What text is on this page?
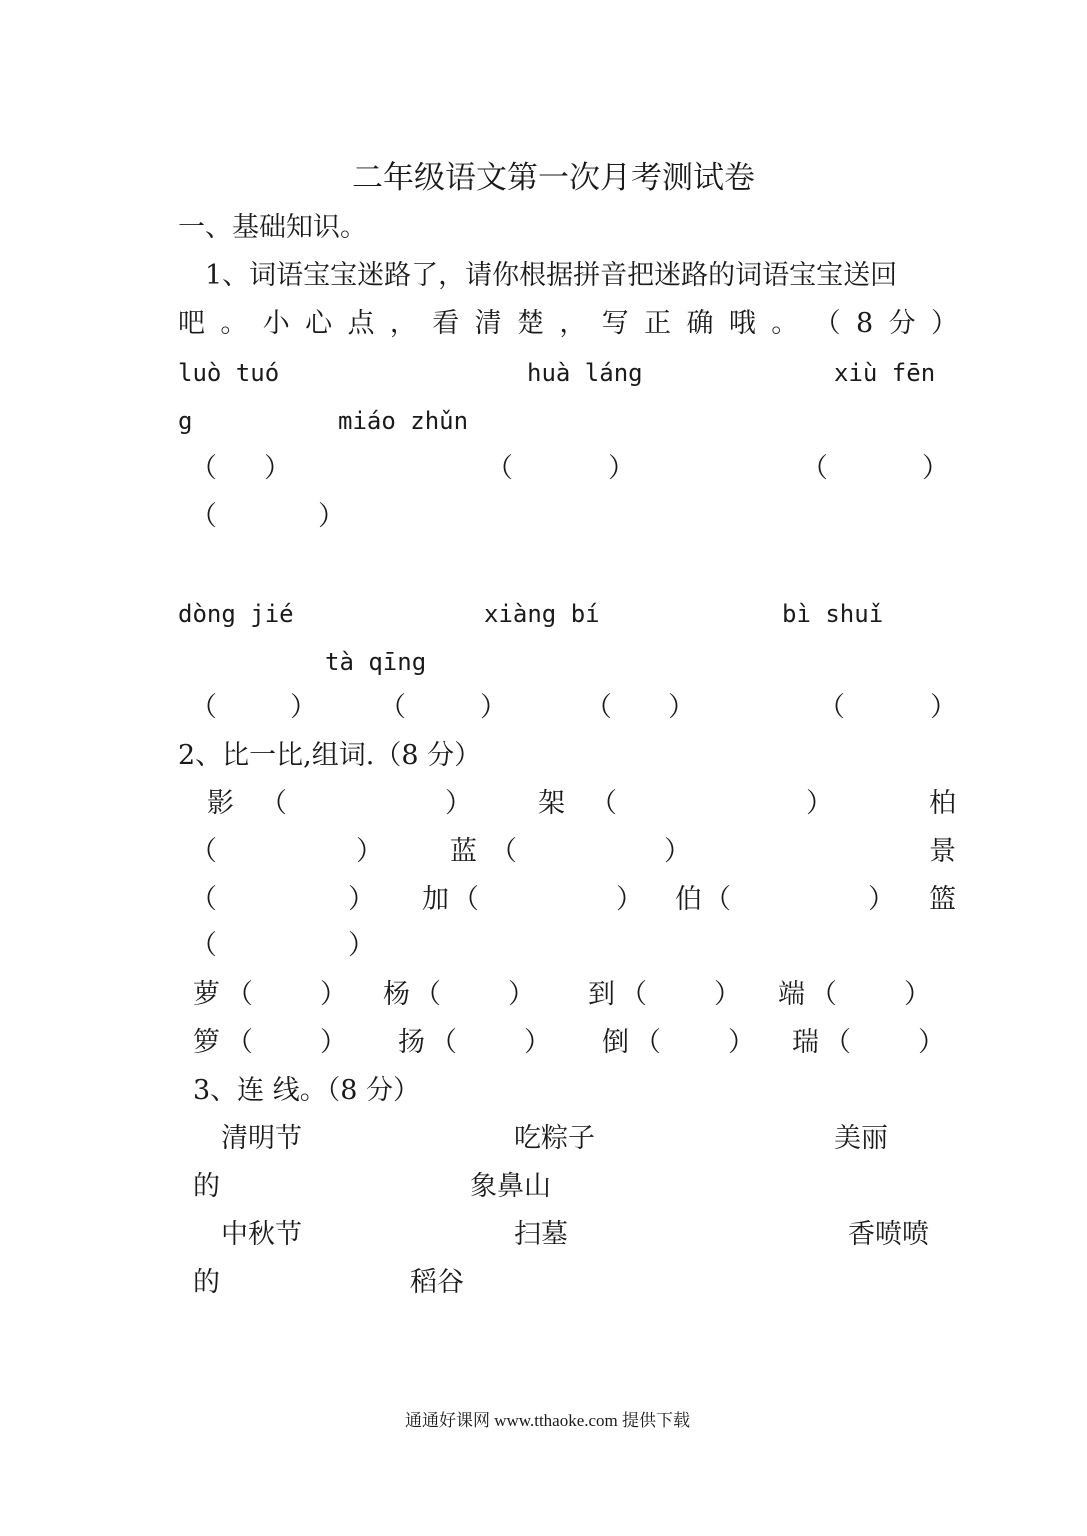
二年级语文第一次月考测试卷
一、基础知识。
1、词语宝宝迷路了，请你根据拼音把迷路的词语宝宝送回
吧 。 小 心 点 ， 看 清 楚 ， 写 正 确 哦 。 （ 8 分 ）
luò tuó	huà láng	xiù fēn
g	miáo zhǔn
（ ）	（	）	（	）
（	）
dòng jié	xiàng bí	bì shuǐ
tà qīng
（	） （	）	（ ）	（	）
2、比一比,组词.（8 分）
影 （	） 架 （	）	柏
（	） 蓝 （	）	景
（	） 加 （	） 伯 （	） 篮
（	）
萝 （ ） 杨 （ ） 到 （ ） 端 （ ）
箩 （ ） 扬 （ ） 倒 （ ） 瑞 （ ）
3、连 线。（8 分）
清明节	吃粽子	美丽
的	象鼻山
中秋节	扫墓	香喷喷
的	稻谷
通通好课网 www.tthaoke.com 提供下载
